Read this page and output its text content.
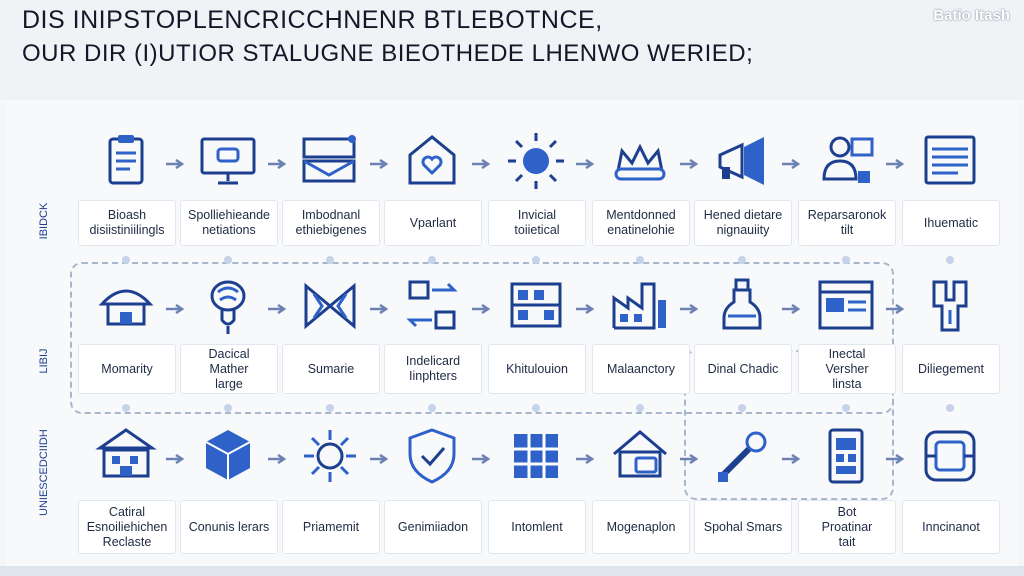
DIS INIPSTOPLENCRICCHNENR BTLEBOTNCE,
OUR DIR (I)UTIOR STALUGNE BIEOTHEDE LHENWO WERIED;
Batio Itash
IBIDCK
LIBIJ
UNIESCEDCIIDH
Bioash
disiistiniilingls
Spolliehieande
netiations
Imbodnanl
ethiebigenes
Vparlant
Invicial
toiietical
Mentdonned
enatinelohie
Hened dietare
nignauiity
Reparsaronok
tilt
Ihuematic
Momarity
Dacical
Mather
large
Sumarie
Indelicard
Iinphters
Khitulouion	Malaanctory	Dinal Chadic
Inectal
Versher
linsta
Diliegement
Catiral
Esnoiliehichen
Reclaste
Conunis lerars	Priamemit	Genimiiadon	Intomlent	Mogenaplon Spohal Smars
Bot
Proatinar
tait
Inncinanot
